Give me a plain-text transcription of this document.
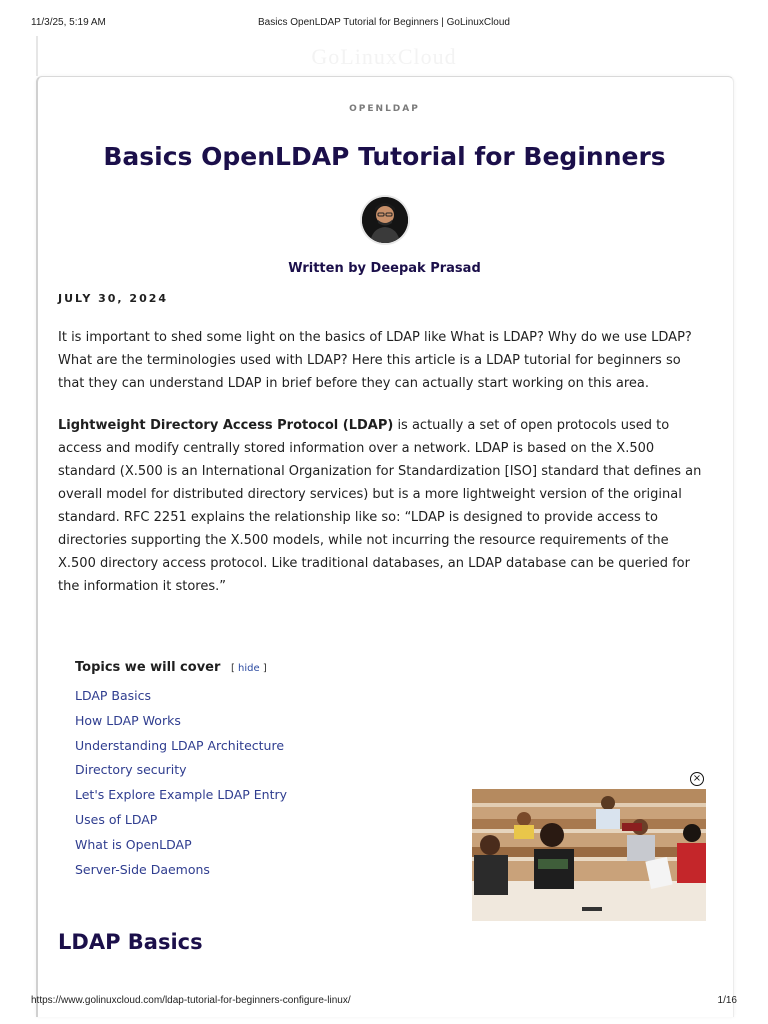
11/3/25, 5:19 AM	Basics OpenLDAP Tutorial for Beginners | GoLinuxCloud
GoLinuxCloud
OPENLDAP
Basics OpenLDAP Tutorial for Beginners
Written by Deepak Prasad
JULY 30, 2024

It is important to shed some light on the basics of LDAP like What is LDAP? Why do we use LDAP? What are the terminologies used with LDAP? Here this article is a LDAP tutorial for beginners so that they can understand LDAP in brief before they can actually start working on this area.

Lightweight Directory Access Protocol (LDAP) is actually a set of open protocols used to access and modify centrally stored information over a network. LDAP is based on the X.500 standard (X.500 is an International Organization for Standardization [ISO] standard that defines an overall model for distributed directory services) but is a more lightweight version of the original standard. RFC 2251 explains the relationship like so: “LDAP is designed to provide access to directories supporting the X.500 models, while not incurring the resource requirements of the X.500 directory access protocol. Like traditional databases, an LDAP database can be queried for the information it stores.”

Topics we will cover [ hide ]
LDAP Basics
How LDAP Works
Understanding LDAP Architecture
Directory security
Let's Explore Example LDAP Entry
Uses of LDAP
What is OpenLDAP
Server-Side Daemons
×
LDAP Basics
https://www.golinuxcloud.com/ldap-tutorial-for-beginners-configure-linux/	1/16
